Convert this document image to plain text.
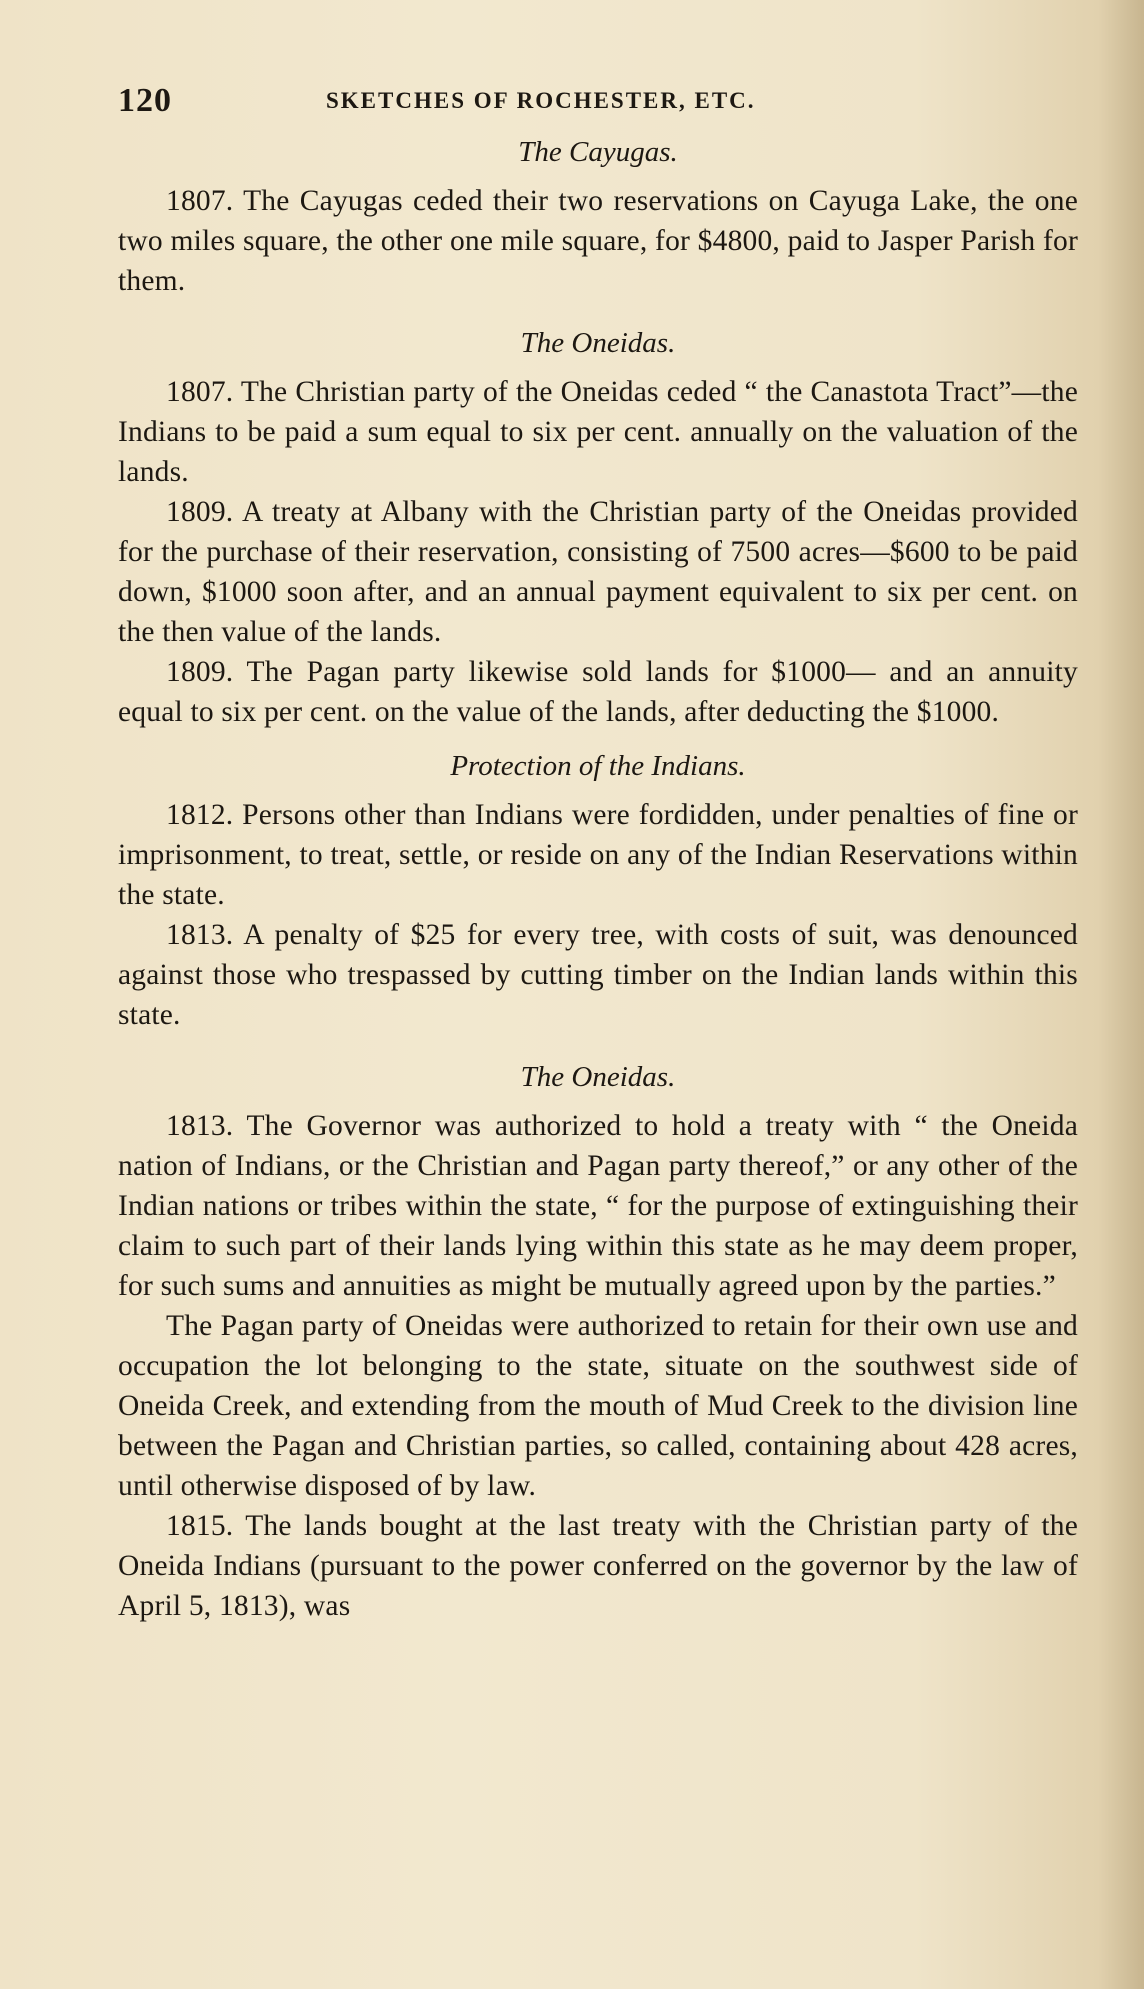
120	SKETCHES OF ROCHESTER, ETC.
The Cayugas.

1807. The Cayugas ceded their two reservations on Cayuga Lake, the one two miles square, the other one mile square, for $4800, paid to Jasper Parish for them.

The Oneidas.

1807. The Christian party of the Oneidas ceded “ the Canastota Tract”—the Indians to be paid a sum equal to six per cent. annually on the valuation of the lands.

1809. A treaty at Albany with the Christian party of the Oneidas provided for the purchase of their reservation, consisting of 7500 acres—$600 to be paid down, $1000 soon after, and an annual payment equivalent to six per cent. on the then value of the lands.

1809. The Pagan party likewise sold lands for $1000— and an annuity equal to six per cent. on the value of the lands, after deducting the $1000.

Protection of the Indians.

1812. Persons other than Indians were fordidden, under penalties of fine or imprisonment, to treat, settle, or reside on any of the Indian Reservations within the state.

1813. A penalty of $25 for every tree, with costs of suit, was denounced against those who trespassed by cutting timber on the Indian lands within this state.

The Oneidas.

1813. The Governor was authorized to hold a treaty with “ the Oneida nation of Indians, or the Christian and Pagan party thereof,” or any other of the Indian nations or tribes within the state, “ for the purpose of extinguishing their claim to such part of their lands lying within this state as he may deem proper, for such sums and annuities as might be mutually agreed upon by the parties.”

The Pagan party of Oneidas were authorized to retain for their own use and occupation the lot belonging to the state, situate on the southwest side of Oneida Creek, and extending from the mouth of Mud Creek to the division line between the Pagan and Christian parties, so called, containing about 428 acres, until otherwise disposed of by law.

1815. The lands bought at the last treaty with the Christian party of the Oneida Indians (pursuant to the power conferred on the governor by the law of April 5, 1813), was
